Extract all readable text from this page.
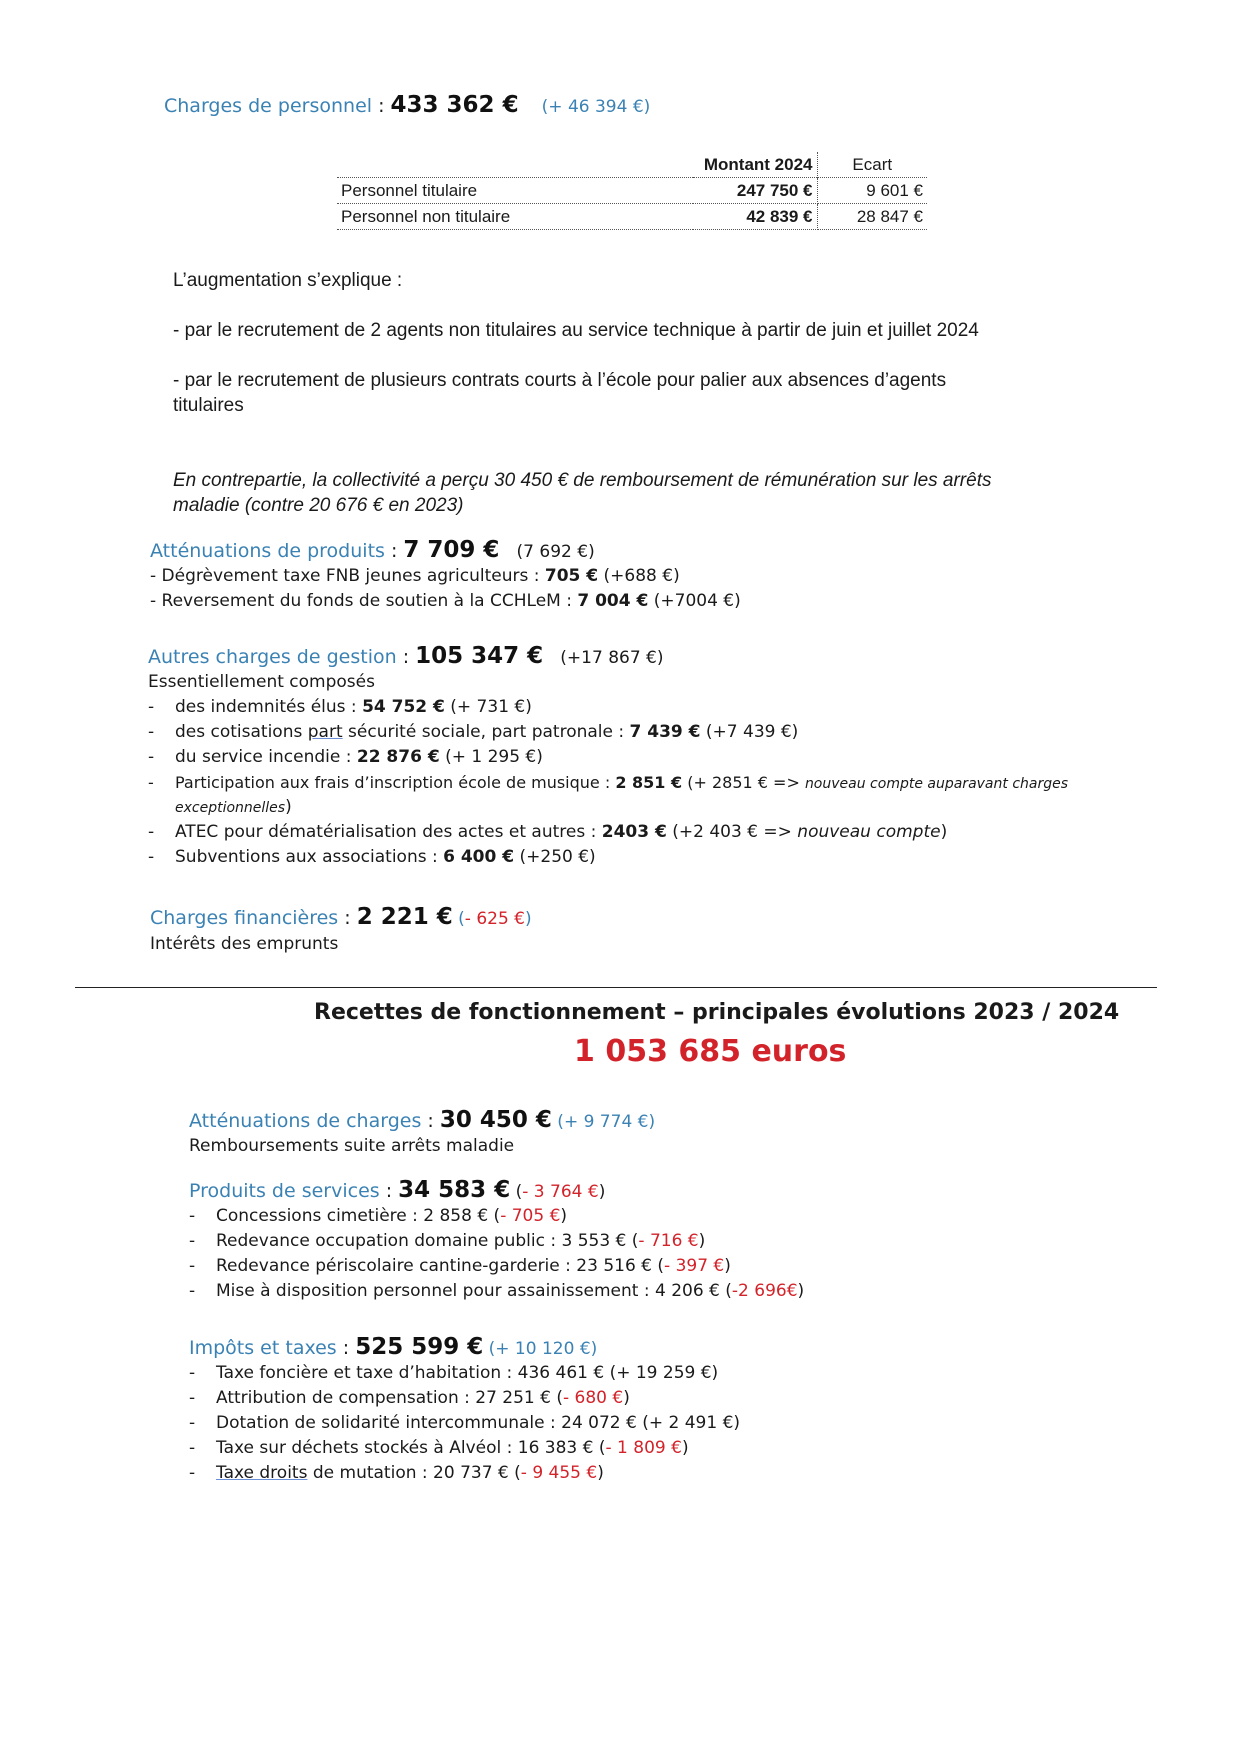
Charges de personnel : 433 362 € (+ 46 394 €)
	Montant 2024	Ecart
Personnel titulaire	247 750 €	9 601 €
Personnel non titulaire	42 839 €	28 847 €
L’augmentation s’explique :
- par le recrutement de 2 agents non titulaires au service technique à partir de juin et juillet 2024
- par le recrutement de plusieurs contrats courts à l’école pour palier aux absences d’agents
titulaires
En contrepartie, la collectivité a perçu 30 450 € de remboursement de rémunération sur les arrêts
maladie (contre 20 676 € en 2023)
Atténuations de produits : 7 709 € (7 692 €)
- Dégrèvement taxe FNB jeunes agriculteurs : 705 € (+688 €)
- Reversement du fonds de soutien à la CCHLeM : 7 004 € (+7004 €)
Autres charges de gestion : 105 347 € (+17 867 €)
Essentiellement composés
- des indemnités élus : 54 752 € (+ 731 €)
- des cotisations part sécurité sociale, part patronale : 7 439 € (+7 439 €)
- du service incendie : 22 876 € (+ 1 295 €)
- Participation aux frais d’inscription école de musique : 2 851 € (+ 2851 € => nouveau compte auparavant charges
exceptionnelles)
- ATEC pour dématérialisation des actes et autres : 2403 € (+2 403 € => nouveau compte)
- Subventions aux associations : 6 400 € (+250 €)
Charges financières : 2 221 € (- 625 €)
Intérêts des emprunts
Recettes de fonctionnement – principales évolutions 2023 / 2024
1 053 685 euros
Atténuations de charges : 30 450 € (+ 9 774 €)
Remboursements suite arrêts maladie
Produits de services : 34 583 € (- 3 764 €)
- Concessions cimetière : 2 858 € (- 705 €)
- Redevance occupation domaine public : 3 553 € (- 716 €)
- Redevance périscolaire cantine-garderie : 23 516 € (- 397 €)
- Mise à disposition personnel pour assainissement : 4 206 € (-2 696€)
Impôts et taxes : 525 599 € (+ 10 120 €)
- Taxe foncière et taxe d’habitation : 436 461 € (+ 19 259 €)
- Attribution de compensation : 27 251 € (- 680 €)
- Dotation de solidarité intercommunale : 24 072 € (+ 2 491 €)
- Taxe sur déchets stockés à Alvéol : 16 383 € (- 1 809 €)
- Taxe droits de mutation : 20 737 € (- 9 455 €)
